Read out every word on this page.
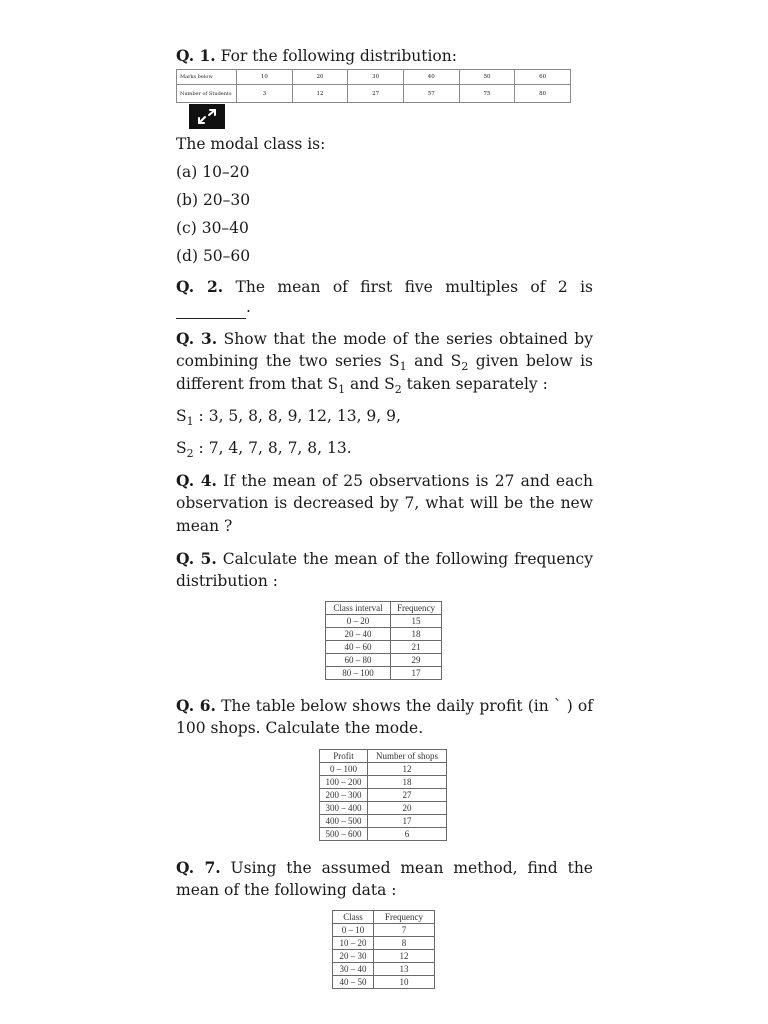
Q. 1. For the following distribution:

Marks below	10	20	30	40	50	60
Number of Students	3	12	27	57	75	80

The modal class is:

(a) 10–20

(b) 20–30

(c) 30–40

(d) 50–60

Q. 2. The mean of first five multiples of 2 is

.

Q. 3. Show that the mode of the series obtained by

combining the two series $S_1$ and $S_2$ given below is

different from that $S_1$ and $S_2$ taken separately :

$S_1$ : 3, 5, 8, 8, 9, 12, 13, 9, 9,

$S_2$ : 7, 4, 7, 8, 7, 8, 13.

Q. 4. If the mean of 25 observations is 27 and each

observation is decreased by 7, what will be the new

mean ?

Q. 5. Calculate the mean of the following frequency

distribution :

Class interval	Frequency
0 – 20	15
20 – 40	18
40 – 60	21
60 – 80	29
80 – 100	17

Q. 6. The table below shows the daily profit (in ` ) of

100 shops. Calculate the mode.

Profit	Number of shops
0 – 100	12
100 – 200	18
200 – 300	27
300 – 400	20
400 – 500	17
500 – 600	6

Q. 7. Using the assumed mean method, find the

mean of the following data :

Class	Frequency
0 – 10	7
10 – 20	8
20 – 30	12
30 – 40	13
40 – 50	10
